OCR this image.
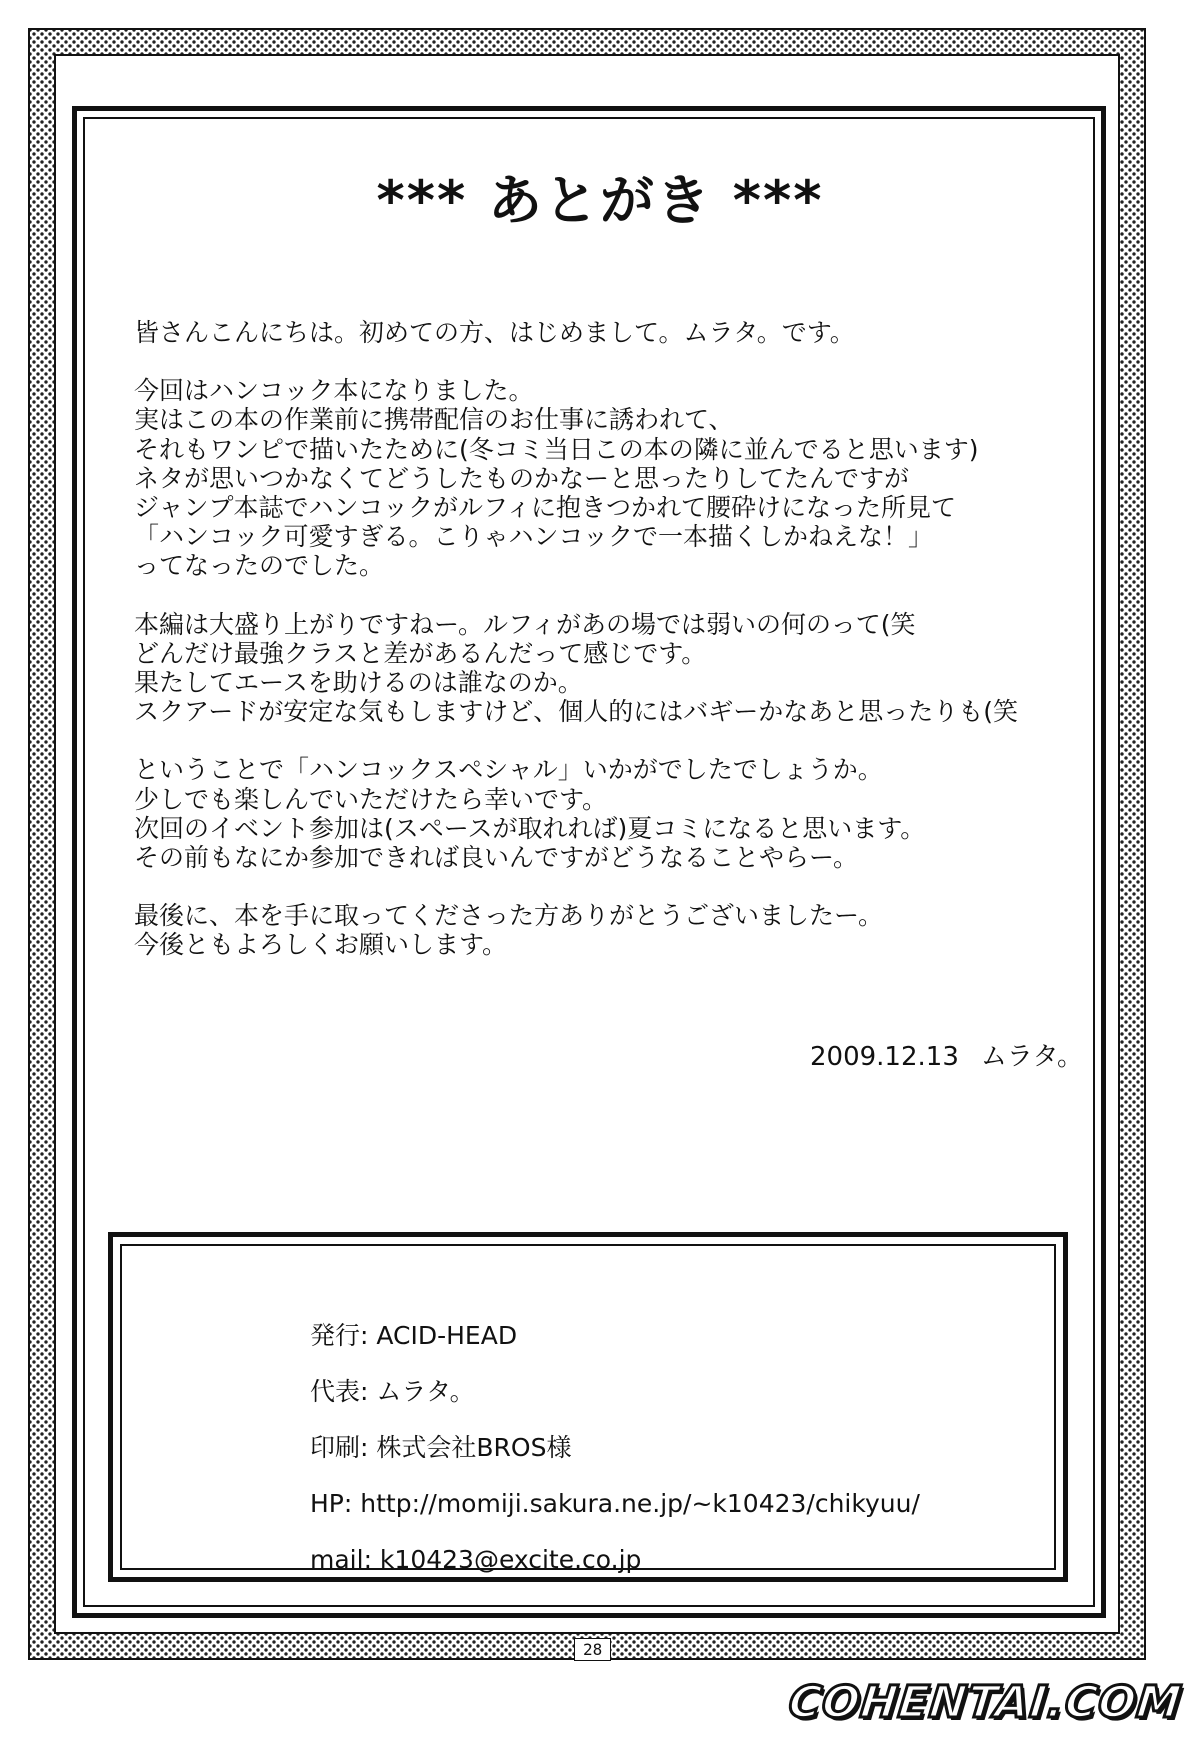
*** あとがき ***
皆さんこんにちは。初めての方、はじめまして。ムラタ。です。
今回はハンコック本になりました。
実はこの本の作業前に携帯配信のお仕事に誘われて、
それもワンピで描いたために(冬コミ当日この本の隣に並んでると思います)
ネタが思いつかなくてどうしたものかなーと思ったりしてたんですが
ジャンプ本誌でハンコックがルフィに抱きつかれて腰砕けになった所見て
「ハンコック可愛すぎる。こりゃハンコックで一本描くしかねえな！」
ってなったのでした。
本編は大盛り上がりですねー。ルフィがあの場では弱いの何のって(笑
どんだけ最強クラスと差があるんだって感じです。
果たしてエースを助けるのは誰なのか。
スクアードが安定な気もしますけど、個人的にはバギーかなあと思ったりも(笑
ということで「ハンコックスペシャル」いかがでしたでしょうか。
少しでも楽しんでいただけたら幸いです。
次回のイベント参加は(スペースが取れれば)夏コミになると思います。
その前もなにか参加できれば良いんですがどうなることやらー。
最後に、本を手に取ってくださった方ありがとうございましたー。
今後ともよろしくお願いします。
2009.12.13 ムラタ。
発行: ACID-HEAD
代表: ムラタ。
印刷: 株式会社BROS様
HP: http://momiji.sakura.ne.jp/~k10423/chikyuu/
mail: k10423@excite.co.jp
28
COHENTAI.COM
